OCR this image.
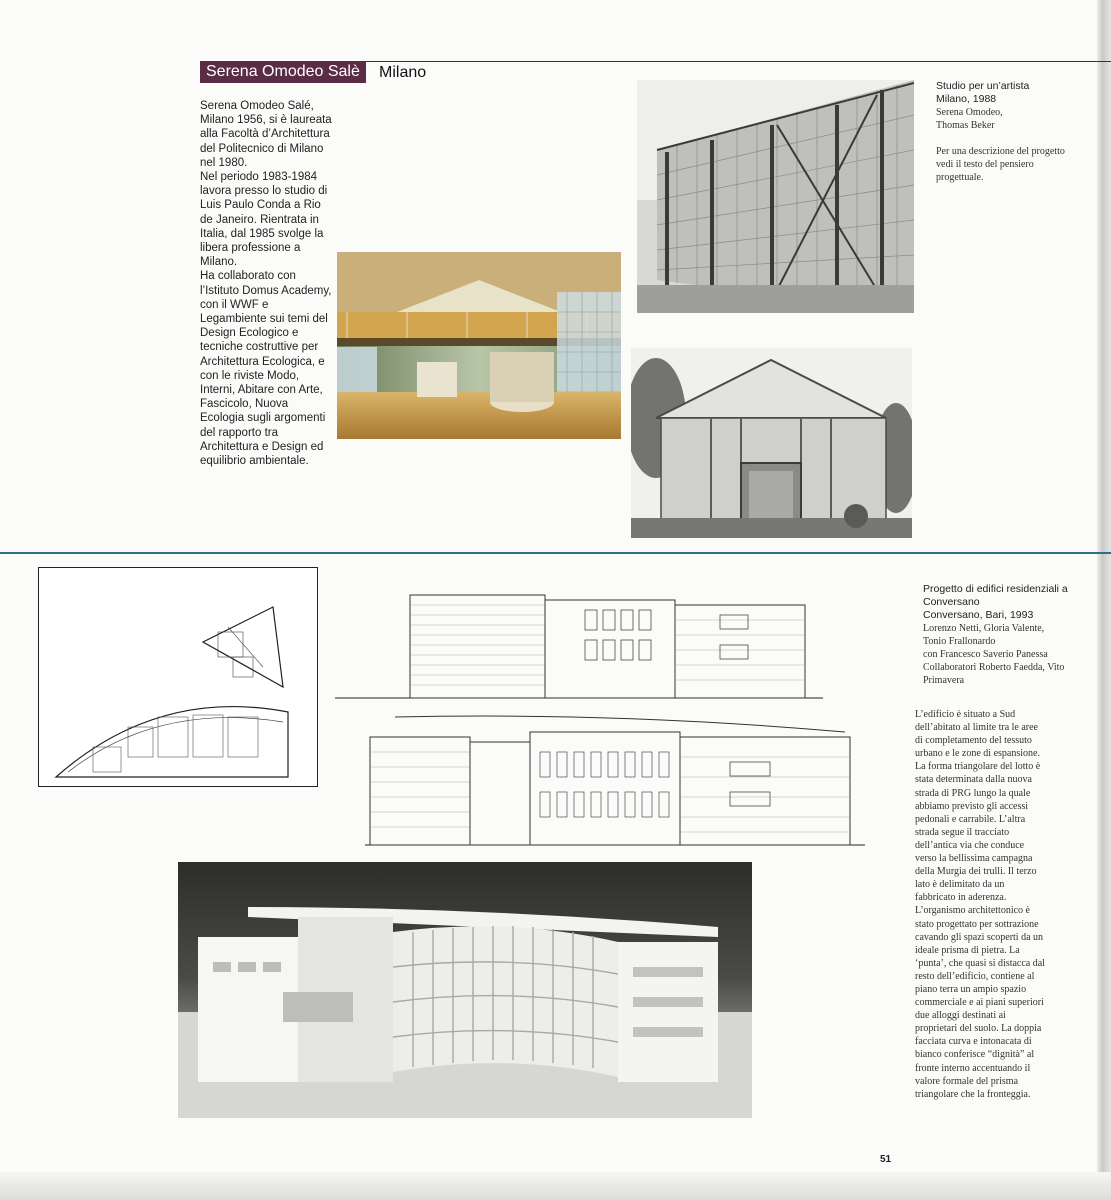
Serena Omodeo Salè	Milano

Serena Omodeo Salé, Milano 1956, si è laureata alla Facoltà d’Architettura del Politecnico di Milano nel 1980.

Nel periodo 1983-1984 lavora presso lo studio di Luis Paulo Conda a Rio de Janeiro. Rientrata in Italia, dal 1985 svolge la libera professione a Milano.

Ha collaborato con l’Istituto Domus Academy, con il WWF e Legambiente sui temi del Design Ecologico e tecniche costruttive per Architettura Ecologica, e con le riviste Modo, Interni, Abitare con Arte, Fascicolo, Nuova Ecologia sugli argomenti del rapporto tra Architettura e Design ed equilibrio ambientale.

Studio per un’artista
Milano, 1988
Serena Omodeo,
Thomas Beker
Per una descrizione del progetto vedi il testo del pensiero progettuale.
Progetto di edifici residenziali a Conversano
Conversano, Bari, 1993
Lorenzo Netti, Gloria Valente, Tonio Frallonardo
con Francesco Saverio Panessa
Collaboratori Roberto Faedda, Vito Primavera
L’edificio è situato a Sud dell’abitato al limite tra le aree di completamento del tessuto urbano e le zone di espansione. La forma triangolare del lotto è stata determinata dalla nuova strada di PRG lungo la quale abbiamo previsto gli accessi pedonali e carrabile. L’altra strada segue il tracciato dell’antica via che conduce verso la bellissima campagna della Murgia dei trulli. Il terzo lato è delimitato da un fabbricato in aderenza.
L’organismo architettonico è stato progettato per sottrazione cavando gli spazi scoperti da un ideale prisma di pietra. La ‘punta’, che quasi si distacca dal resto dell’edificio, contiene al piano terra un ampio spazio commerciale e ai piani superiori due alloggi destinati ai proprietari del suolo. La doppia facciata curva e intonacata di bianco conferisce “dignità” al fronte interno accentuando il valore formale del prisma triangolare che la fronteggia.
51
